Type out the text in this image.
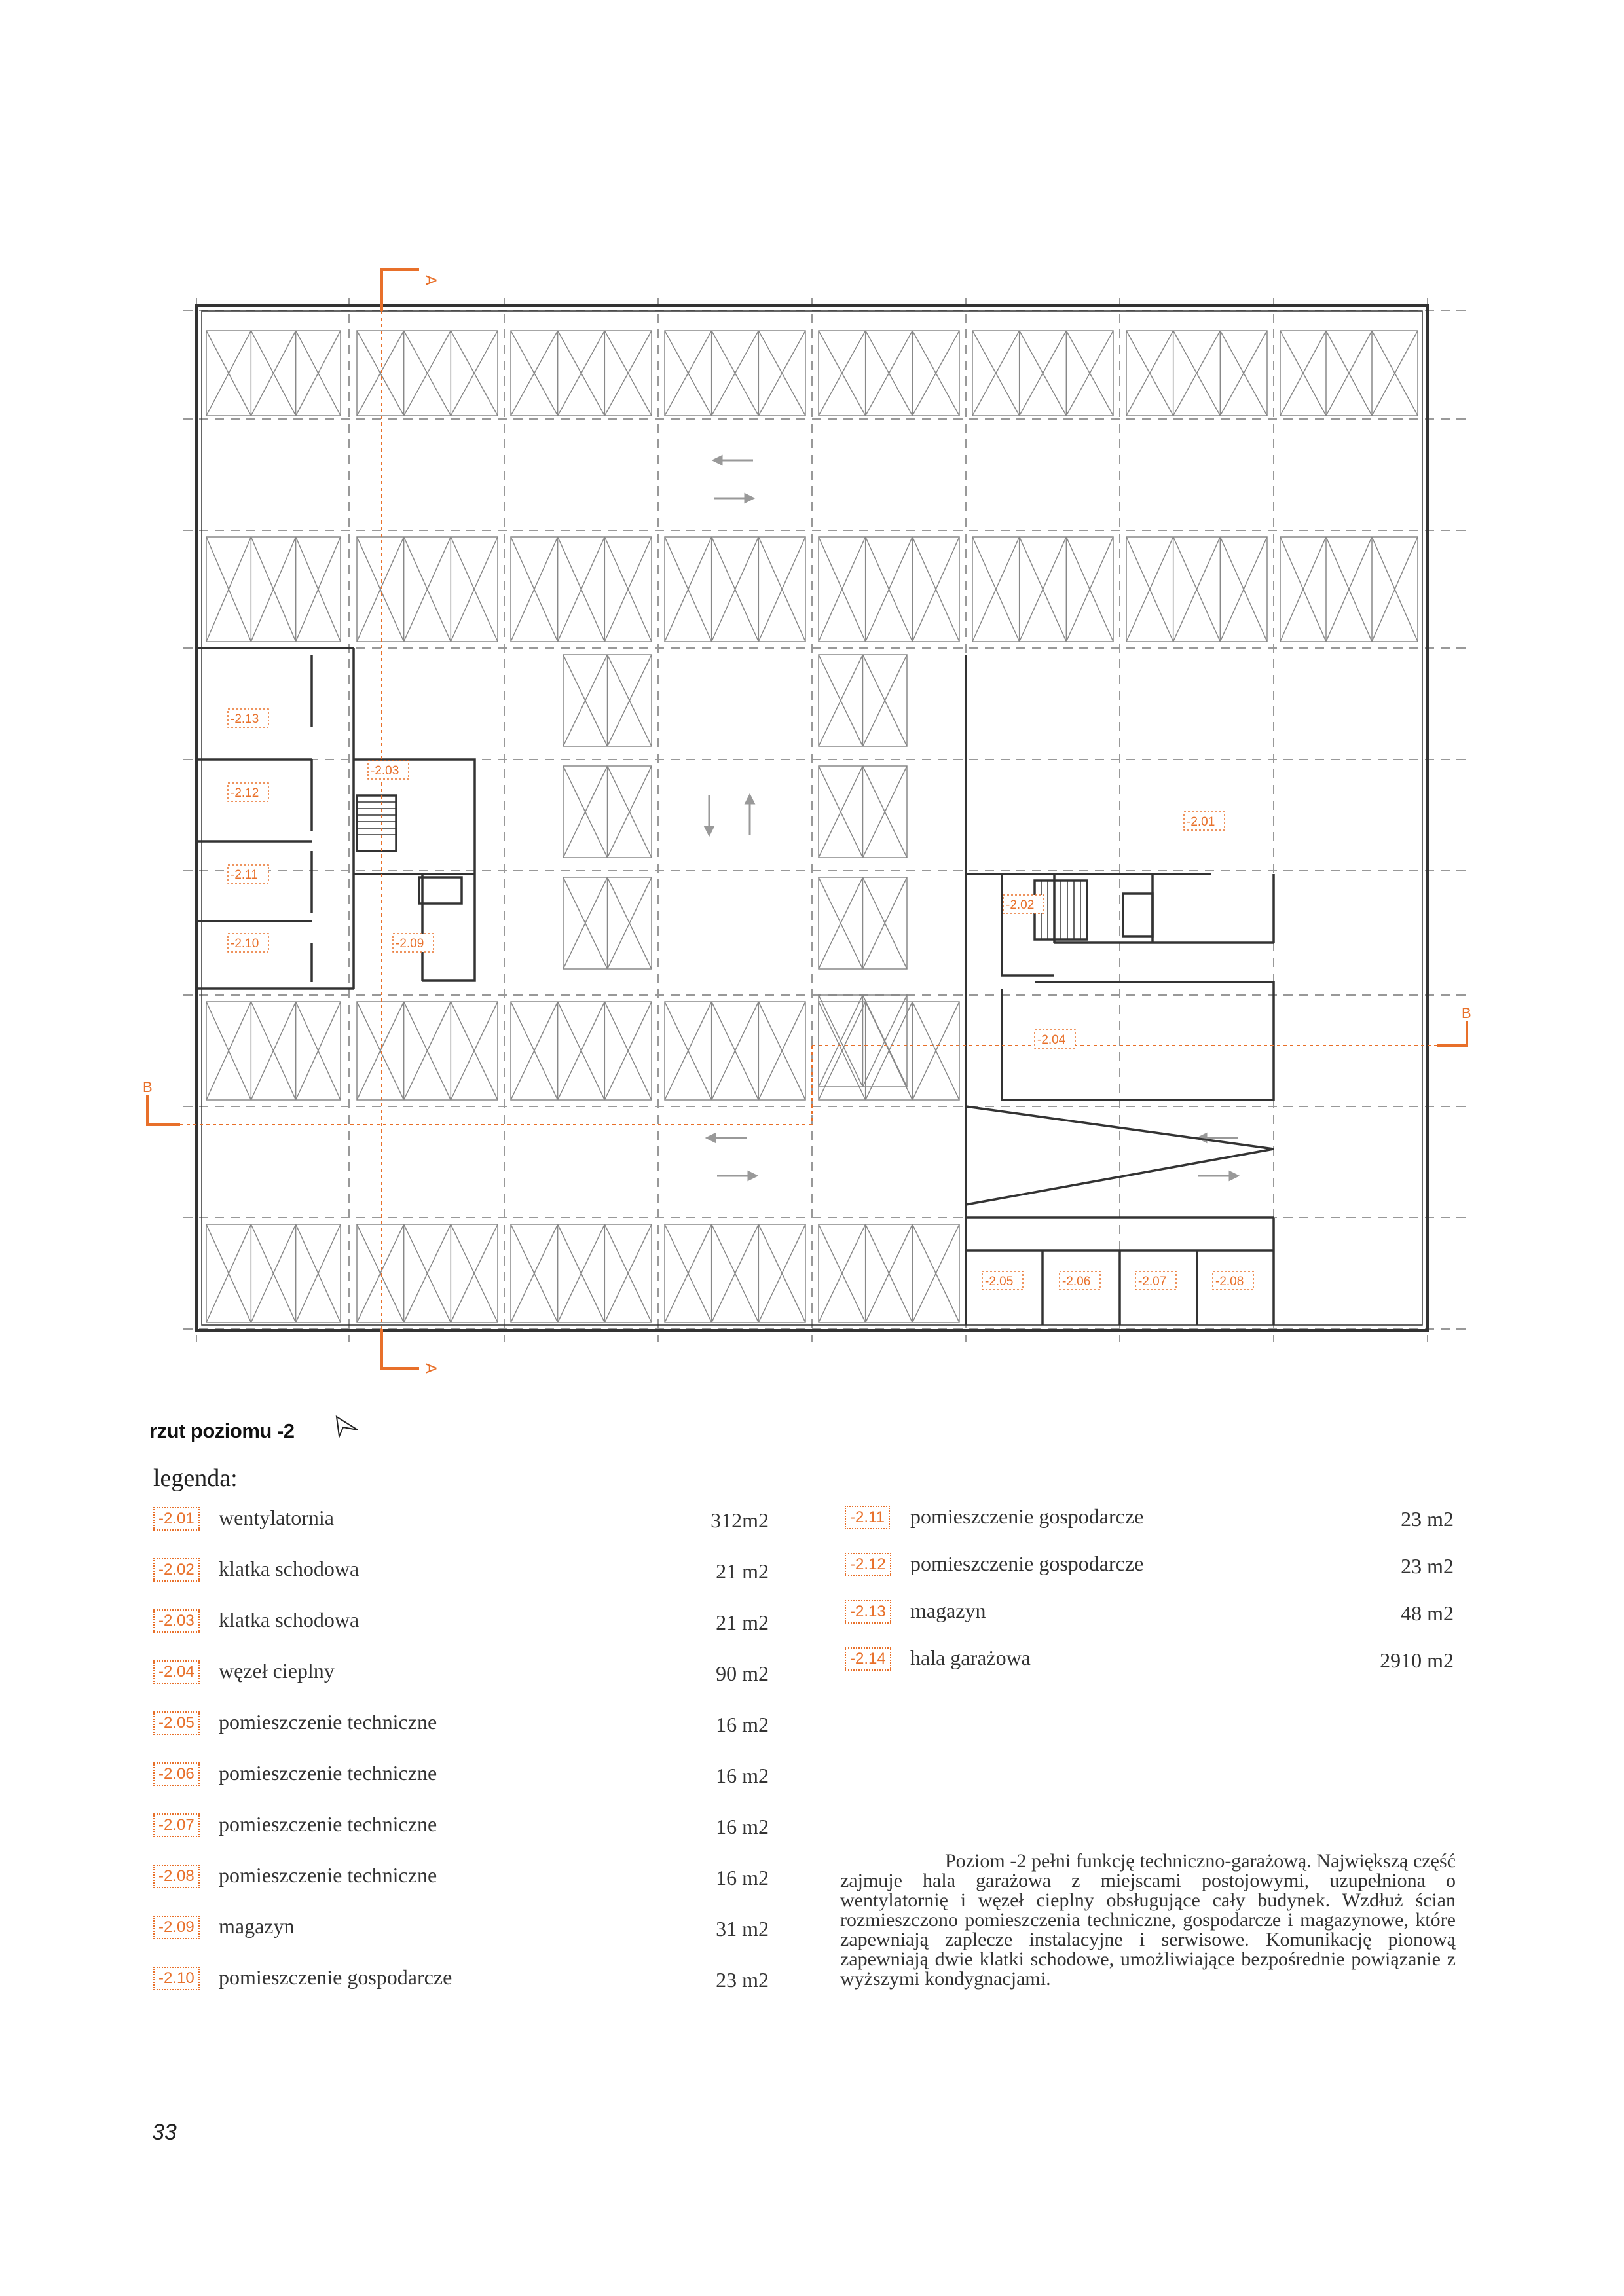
A
A
B
B
-2.13
-2.12
-2.11
-2.10
-2.03
-2.09
-2.01
-2.02
-2.04
-2.05	-2.06	-2.07	-2.08
rzut poziomu -2
legenda:
-2.01 wentylatornia	312m2
-2.02 klatka schodowa	21 m2
-2.03 klatka schodowa	21 m2
-2.04 węzeł cieplny	90 m2
-2.05 pomieszczenie techniczne	16 m2
-2.06 pomieszczenie techniczne	16 m2
-2.07 pomieszczenie techniczne	16 m2
-2.08 pomieszczenie techniczne	16 m2
-2.09 magazyn	31 m2
-2.10 pomieszczenie gospodarcze	23 m2
-2.11 pomieszczenie gospodarcze	23 m2
-2.12 pomieszczenie gospodarcze	23 m2
-2.13 magazyn	48 m2
-2.14 hala garażowa	2910 m2
Poziom -2 pełni funkcję techniczno-garażową. Największą część zajmuje hala garażowa z miejscami postojowymi, uzupełniona o wentylatornię i węzeł cieplny obsługujące cały budynek. Wzdłuż ścian rozmieszczono pomieszczenia techniczne, gospodarcze i magazynowe, które zapewniają zaplecze instalacyjne i serwisowe. Komunikację pionową zapewniają dwie klatki schodowe, umożliwiające bezpośrednie powiązanie z wyższymi kondygnacjami.
33
